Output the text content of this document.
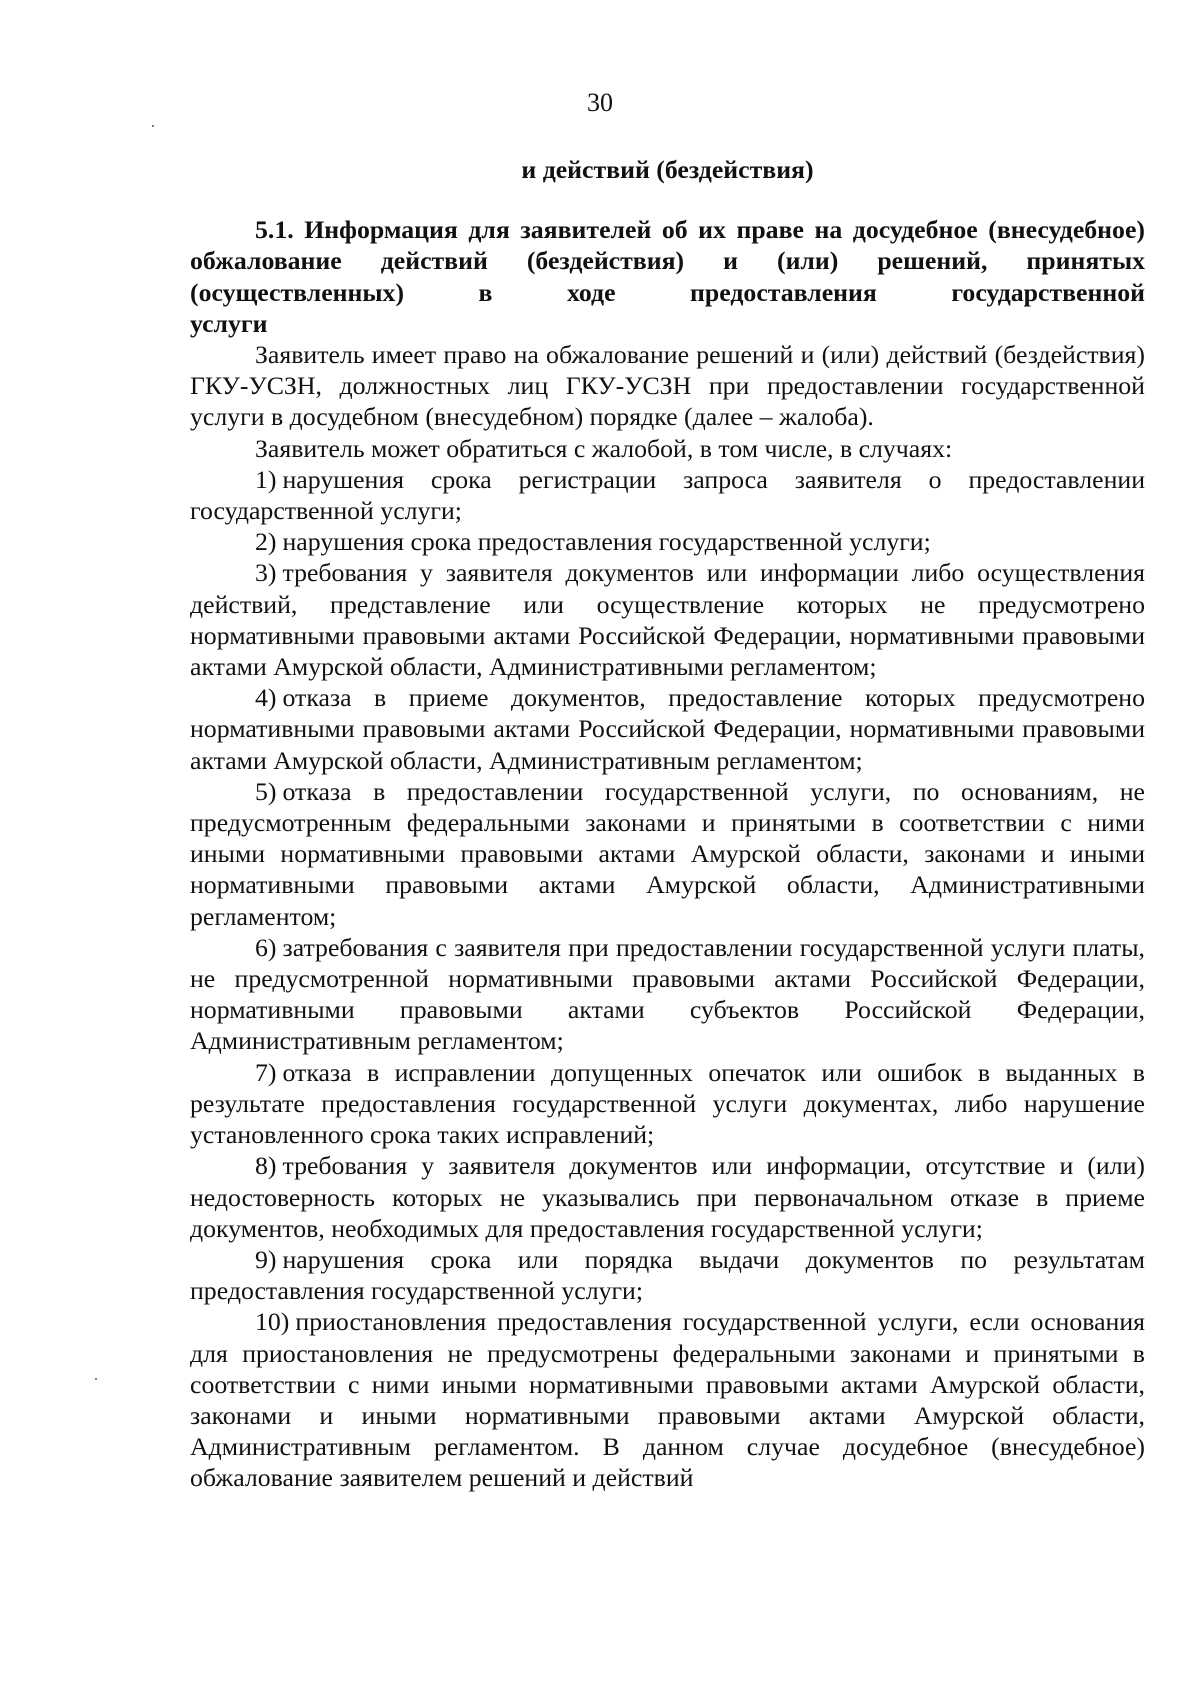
30

и действий (бездействия)

5.1. Информация для заявителей об их праве на досудебное (внесудебное) обжалование действий (бездействия) и (или) решений, принятых (осуществленных) в ходе предоставления государственной

услуги

Заявитель имеет право на обжалование решений и (или) действий (бездействия) ГКУ-УСЗН, должностных лиц ГКУ-УСЗН при предоставлении государственной услуги в досудебном (внесудебном) порядке (далее – жалоба).

Заявитель может обратиться с жалобой, в том числе, в случаях:

1) нарушения срока регистрации запроса заявителя о предоставлении государственной услуги;

2) нарушения срока предоставления государственной услуги;

3) требования у заявителя документов или информации либо осуществления действий, представление или осуществление которых не предусмотрено нормативными правовыми актами Российской Федерации, нормативными правовыми актами Амурской области, Административными регламентом;

4) отказа в приеме документов, предоставление которых предусмотрено нормативными правовыми актами Российской Федерации, нормативными правовыми актами Амурской области, Административным регламентом;

5) отказа в предоставлении государственной услуги, по основаниям, не предусмотренным федеральными законами и принятыми в соответствии с ними иными нормативными правовыми актами Амурской области, законами и иными нормативными правовыми актами Амурской области, Административными регламентом;

6) затребования с заявителя при предоставлении государственной услуги платы, не предусмотренной нормативными правовыми актами Российской Федерации, нормативными правовыми актами субъектов Российской Федерации, Административным регламентом;

7) отказа в исправлении допущенных опечаток или ошибок в выданных в результате предоставления государственной услуги документах, либо нарушение установленного срока таких исправлений;

8) требования у заявителя документов или информации, отсутствие и (или) недостоверность которых не указывались при первоначальном отказе в приеме документов, необходимых для предоставления государственной услуги;

9) нарушения срока или порядка выдачи документов по результатам предоставления государственной услуги;

10) приостановления предоставления государственной услуги, если основания для приостановления не предусмотрены федеральными законами и принятыми в соответствии с ними иными нормативными правовыми актами Амурской области, законами и иными нормативными правовыми актами Амурской области, Административным регламентом. В данном случае досудебное (внесудебное) обжалование заявителем решений и действий
